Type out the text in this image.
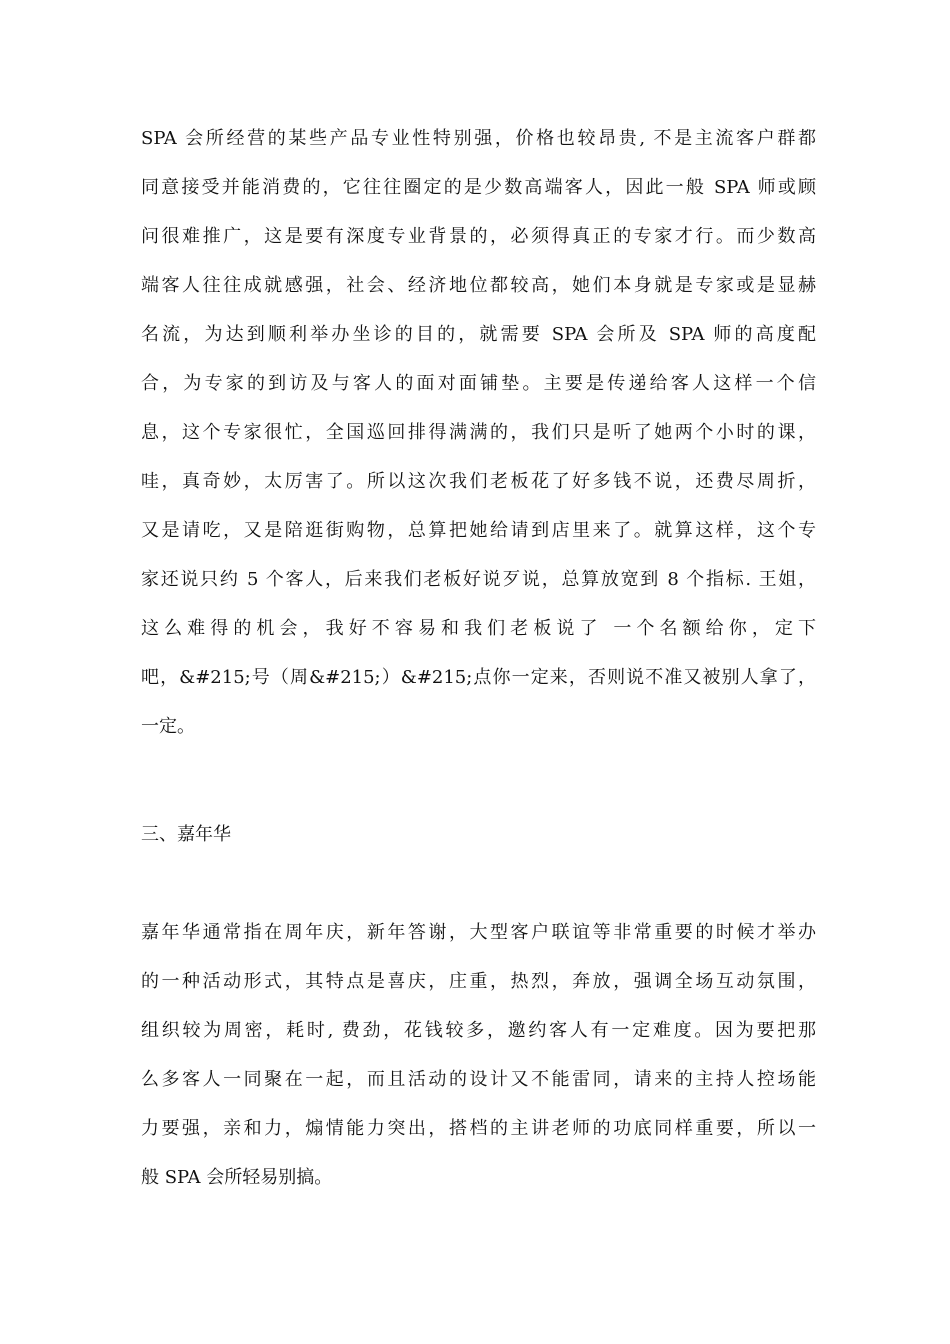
SPA 会所经营的某些产品专业性特别强，价格也较昂贵, 不是主流客户群都
同意接受并能消费的，它往往圈定的是少数高端客人，因此一般 SPA 师或顾
问很难推广，这是要有深度专业背景的，必须得真正的专家才行。而少数高
端客人往往成就感强，社会、经济地位都较高，她们本身就是专家或是显赫
名流，为达到顺利举办坐诊的目的，就需要 SPA 会所及 SPA 师的高度配
合，为专家的到访及与客人的面对面铺垫。主要是传递给客人这样一个信
息，这个专家很忙，全国巡回排得满满的，我们只是听了她两个小时的课，
哇，真奇妙，太厉害了。所以这次我们老板花了好多钱不说，还费尽周折，
又是请吃，又是陪逛街购物，总算把她给请到店里来了。就算这样，这个专
家还说只约 5 个客人，后来我们老板好说歹说，总算放宽到 8 个指标. 王姐，
这么难得的机会，我好不容易和我们老板说了 一个名额给你，定下
吧，&#215;号（周&#215;）&#215;点你一定来，否则说不准又被别人拿了，
一定。
三、嘉年华
嘉年华通常指在周年庆，新年答谢，大型客户联谊等非常重要的时候才举办
的一种活动形式，其特点是喜庆，庄重，热烈，奔放，强调全场互动氛围，
组织较为周密，耗时, 费劲，花钱较多，邀约客人有一定难度。因为要把那
么多客人一同聚在一起，而且活动的设计又不能雷同，请来的主持人控场能
力要强，亲和力，煽情能力突出，搭档的主讲老师的功底同样重要，所以一
般 SPA 会所轻易别搞。
